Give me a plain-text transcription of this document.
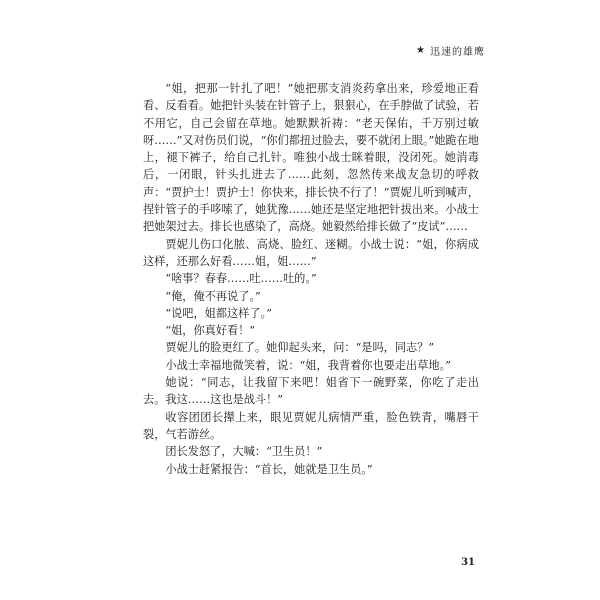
★ 迅速的雄鹰

“姐，把那一针扎了吧！”她把那支消炎药拿出来，珍爱地正看看、反看看。她把针头装在针管子上，狠狠心，在手脖做了试验，若不用它，自己会留在草地。她默默祈祷：“老天保佑，千万别过敏呀……”又对伤员们说，“你们都扭过脸去，要不就闭上眼。”她跪在地上，褪下裤子，给自己扎针。唯独小战士眯着眼，没闭死。她消毒后，一闭眼，针头扎进去了……此刻，忽然传来战友急切的呼救声：“贾护士！贾护士！你快来，排长快不行了！”贾妮儿听到喊声，捏针管子的手哆嗦了，她犹豫……她还是坚定地把针拔出来。小战士把她架过去。排长也感染了，高烧。她毅然给排长做了“皮试”……

贾妮儿伤口化脓、高烧、脸红、迷糊。小战士说：“姐，你病成这样，还那么好看……姐，姐……”

“啥事？春春……吐……吐的。”

“俺，俺不再说了。”

“说吧，姐都这样了。”

“姐，你真好看！”

贾妮儿的脸更红了。她仰起头来，问：“是吗，同志？”

小战士幸福地微笑着，说：“姐，我背着你也要走出草地。”

她说：“同志，让我留下来吧！姐省下一碗野菜，你吃了走出去。我这……这也是战斗！”

收容团团长撵上来，眼见贾妮儿病情严重，脸色铁青，嘴唇干裂，气若游丝。

团长发怒了，大喊：“卫生员！”

小战士赶紧报告：“首长，她就是卫生员。”

31
